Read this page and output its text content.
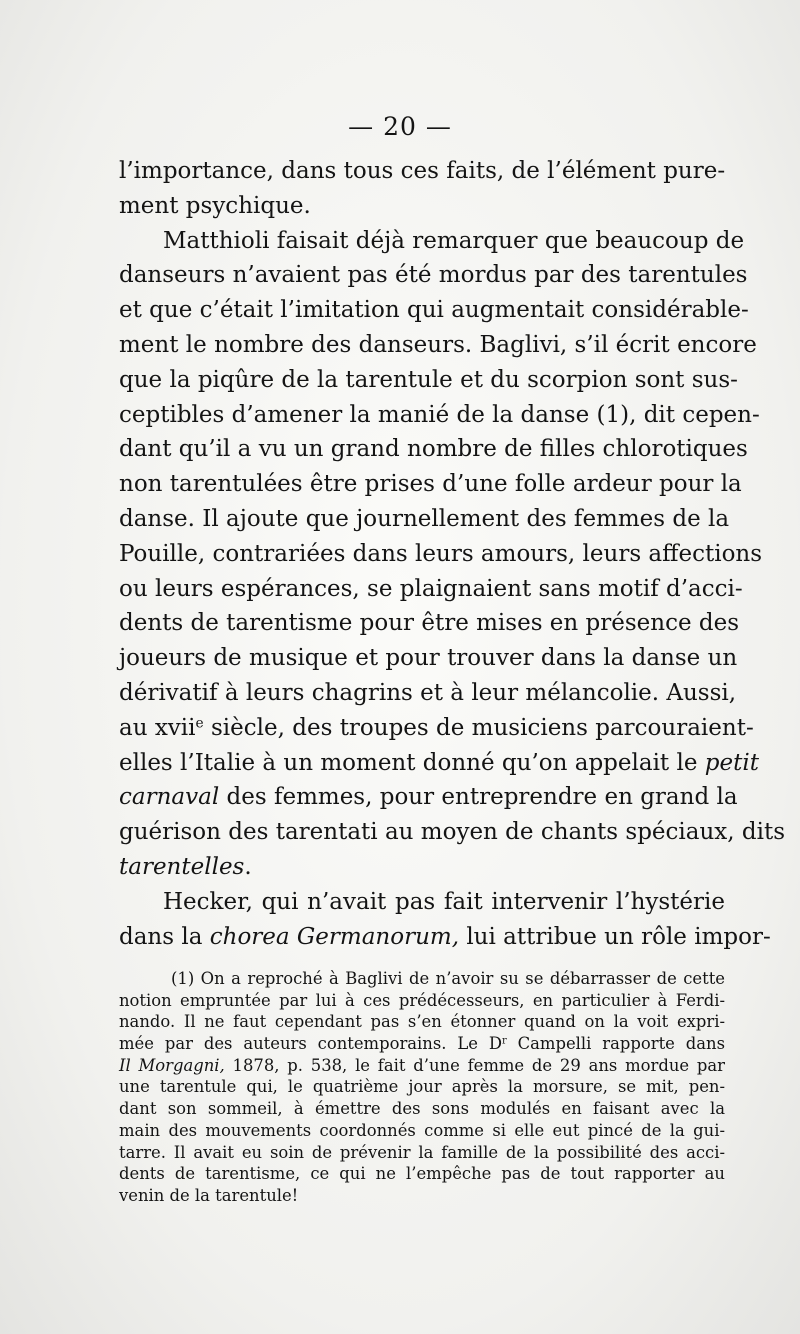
— 20 —
l’importance, dans tous ces faits, de l’élément pure-
ment psychique.
Matthioli faisait déjà remarquer que beaucoup de
danseurs n’avaient pas été mordus par des tarentules
et que c’était l’imitation qui augmentait considérable-
ment le nombre des danseurs. Baglivi, s’il écrit encore
que la piqûre de la tarentule et du scorpion sont sus-
ceptibles d’amener la manié de la danse (1), dit cepen-
dant qu’il a vu un grand nombre de filles chlorotiques
non tarentulées être prises d’une folle ardeur pour la
danse. Il ajoute que journellement des femmes de la
Pouille, contrariées dans leurs amours, leurs affections
ou leurs espérances, se plaignaient sans motif d’acci-
dents de tarentisme pour être mises en présence des
joueurs de musique et pour trouver dans la danse un
dérivatif à leurs chagrins et à leur mélancolie. Aussi,
au xvii$^e$ siècle, des troupes de musiciens parcouraient-
elles l’Italie à un moment donné qu’on appelait le petit
carnaval des femmes, pour entreprendre en grand la
guérison des tarentati au moyen de chants spéciaux, dits
tarentelles.
Hecker, qui n’avait pas fait intervenir l’hystérie
dans la chorea Germanorum, lui attribue un rôle impor-
(1) On a reproché à Baglivi de n’avoir su se débarrasser de cette
notion empruntée par lui à ces prédécesseurs, en particulier à Ferdi-
nando. Il ne faut cependant pas s’en étonner quand on la voit expri-
mée par des auteurs contemporains. Le $D^r$ Campelli rapporte dans
Il Morgagni, 1878, p. 538, le fait d’une femme de 29 ans mordue par
une tarentule qui, le quatrième jour après la morsure, se mit, pen-
dant son sommeil, à émettre des sons modulés en faisant avec la
main des mouvements coordonnés comme si elle eut pincé de la gui-
tarre. Il avait eu soin de prévenir la famille de la possibilité des acci-
dents de tarentisme, ce qui ne l’empêche pas de tout rapporter au
venin de la tarentule!
